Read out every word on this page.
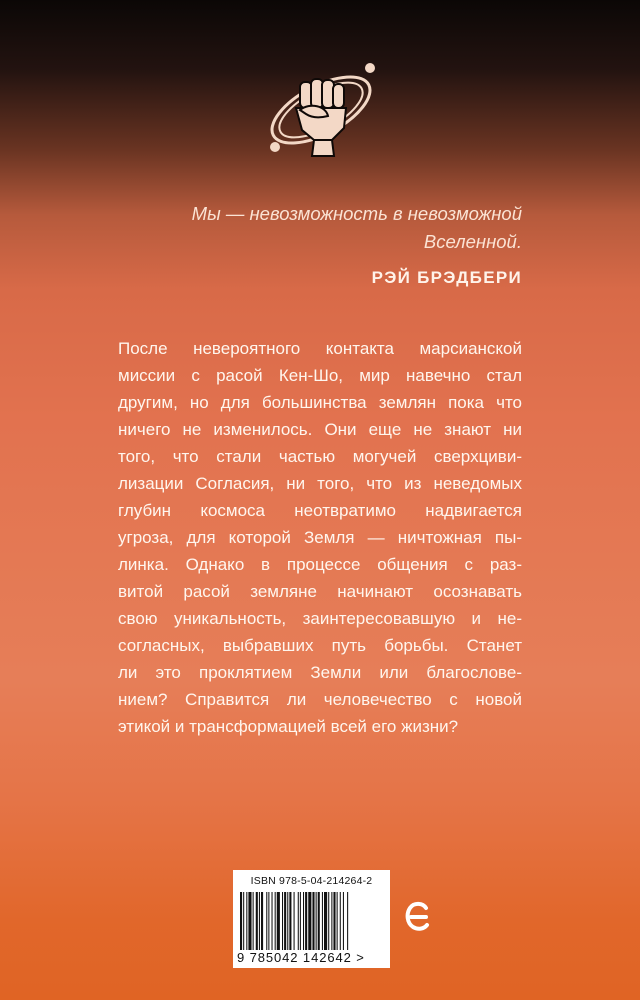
Мы — невозможность в невозможной
Вселенной.
РЭЙ БРЭДБЕРИ
После невероятного контакта марсианской
миссии с расой Кен-Шо, мир навечно стал
другим, но для большинства землян пока что
ничего не изменилось. Они еще не знают ни
того, что стали частью могучей сверхциви-
лизации Согласия, ни того, что из неведомых
глубин космоса неотвратимо надвигается
угроза, для которой Земля — ничтожная пы-
линка. Однако в процессе общения с раз-
витой расой земляне начинают осознавать
свою уникальность, заинтересовавшую и не-
согласных, выбравших путь борьбы. Станет
ли это проклятием Земли или благослове-
нием? Справится ли человечество с новой
этикой и трансформацией всей его жизни?
ISBN 978-5-04-214264-2
9 785042 142642 >
